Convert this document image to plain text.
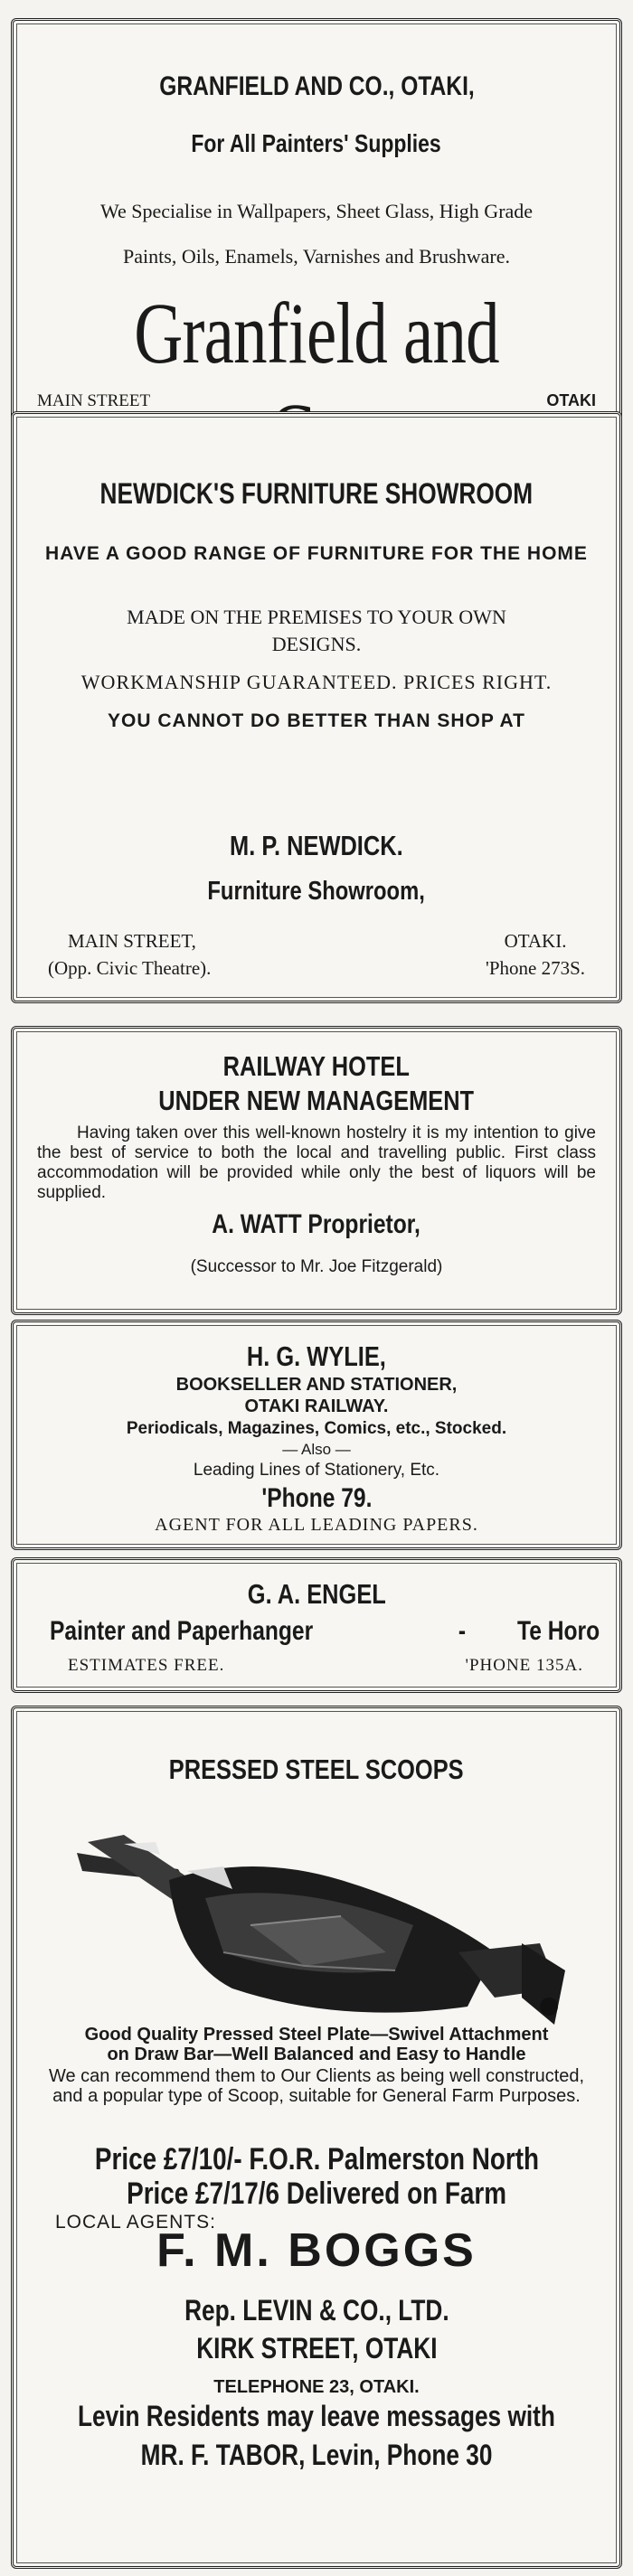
GRANFIELD AND CO., OTAKI,
For All Painters' Supplies
We Specialise in Wallpapers, Sheet Glass, High Grade
Paints, Oils, Enamels, Varnishes and Brushware.
Granfield and
MAIN STREET	OTAKI
NEWDICK'S FURNITURE SHOWROOM
HAVE A GOOD RANGE OF FURNITURE FOR THE HOME
MADE ON THE PREMISES TO YOUR OWN DESIGNS.
WORKMANSHIP GUARANTEED. PRICES RIGHT.
YOU CANNOT DO BETTER THAN SHOP AT
M. P. NEWDICK.
Furniture Showroom,
MAIN STREET,
(Opp. Civic Theatre).
OTAKI.
'Phone 273S.
RAILWAY HOTEL
UNDER NEW MANAGEMENT
Having taken over this well-known hostelry it is my intention to give the best of service to both the local and travelling public. First class accommodation will be provided while only the best of liquors will be supplied.
A. WATT Proprietor,
(Successor to Mr. Joe Fitzgerald)
H. G. WYLIE,
BOOKSELLER AND STATIONER,
OTAKI RAILWAY.
Periodicals, Magazines, Comics, etc., Stocked.
— Also —
Leading Lines of Stationery, Etc.
'Phone 79.
AGENT FOR ALL LEADING PAPERS.
G. A. ENGEL
Painter and Paperhanger	- Te Horo
ESTIMATES FREE.	'PHONE 135A.
PRESSED STEEL SCOOPS
Good Quality Pressed Steel Plate—Swivel Attachment
on Draw Bar—Well Balanced and Easy to Handle
We can recommend them to Our Clients as being well constructed, and a popular type of Scoop, suitable for General Farm Purposes.
Price £7/10/- F.O.R. Palmerston North
Price £7/17/6 Delivered on Farm
LOCAL AGENTS:
F. M. BOGGS
Rep. LEVIN & CO., LTD.
KIRK STREET, OTAKI
TELEPHONE 23, OTAKI.
Levin Residents may leave messages with
MR. F. TABOR, Levin, Phone 30
